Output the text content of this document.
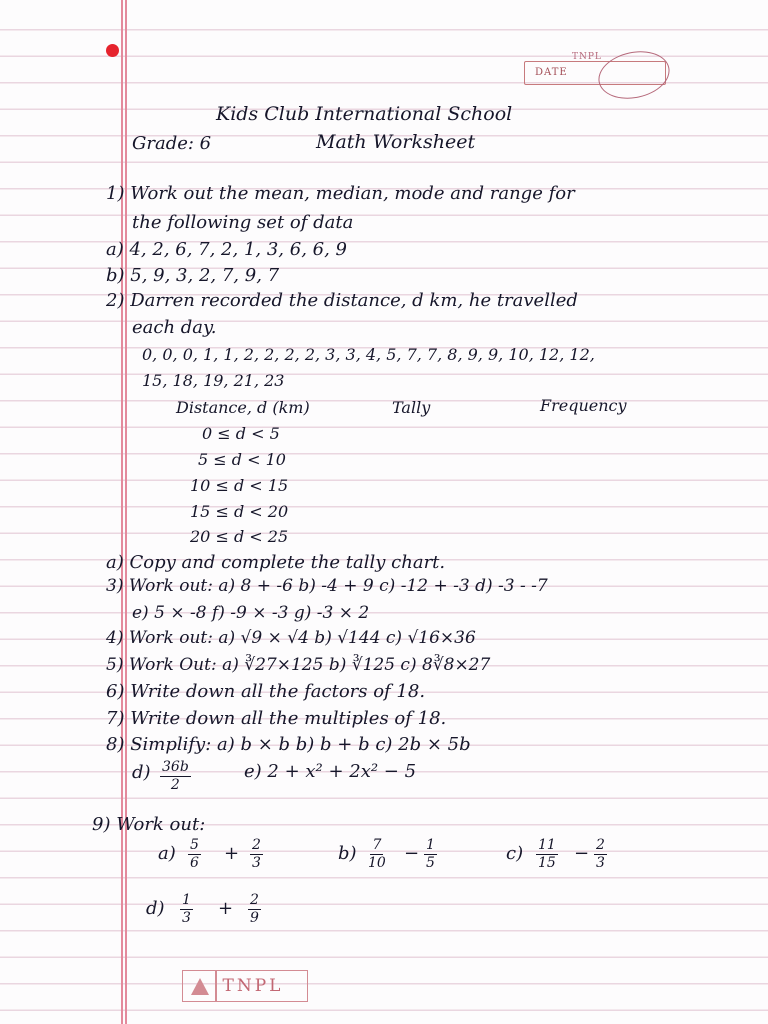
DATE
TNPL
Kids Club International School
Grade: 6	Math Worksheet
1) Work out the mean, median, mode and range for
the following set of data
a) 4, 2, 6, 7, 2, 1, 3, 6, 6, 9
b) 5, 9, 3, 2, 7, 9, 7
2) Darren recorded the distance, d km, he travelled
each day.
0, 0, 0, 1, 1, 2, 2, 2, 2, 3, 3, 4, 5, 7, 7, 8, 9, 9, 10, 12, 12,
15, 18, 19, 21, 23
Distance, d (km)	Tally	Frequency
0 ≤ d < 5
5 ≤ d < 10
10 ≤ d < 15
15 ≤ d < 20
20 ≤ d < 25
a) Copy and complete the tally chart.
3) Work out: a) 8 + -6 b) -4 + 9 c) -12 + -3 d) -3 - -7
e) 5 × -8 f) -9 × -3 g) -3 × 2
4) Work out: a) √9 × √4 b) √144 c) √16×36
5) Work Out: a) ∛27×125 b) ∛125 c) 8∛8×27
6) Write down all the factors of 18.
7) Write down all the multiples of 18.
8) Simplify: a) b × b b) b + b c) 2b × 5b
$d) \frac{36b}{2}$	e) 2 + x² + 2x² − 5
9) Work out:
$a) \frac{5}{6} + \frac{2}{3}$	$b) \frac{7}{10} - \frac{1}{5}$	$c) \frac{11}{15} - \frac{2}{3}$
$d) \frac{1}{3} + \frac{2}{9}$
TNPL
